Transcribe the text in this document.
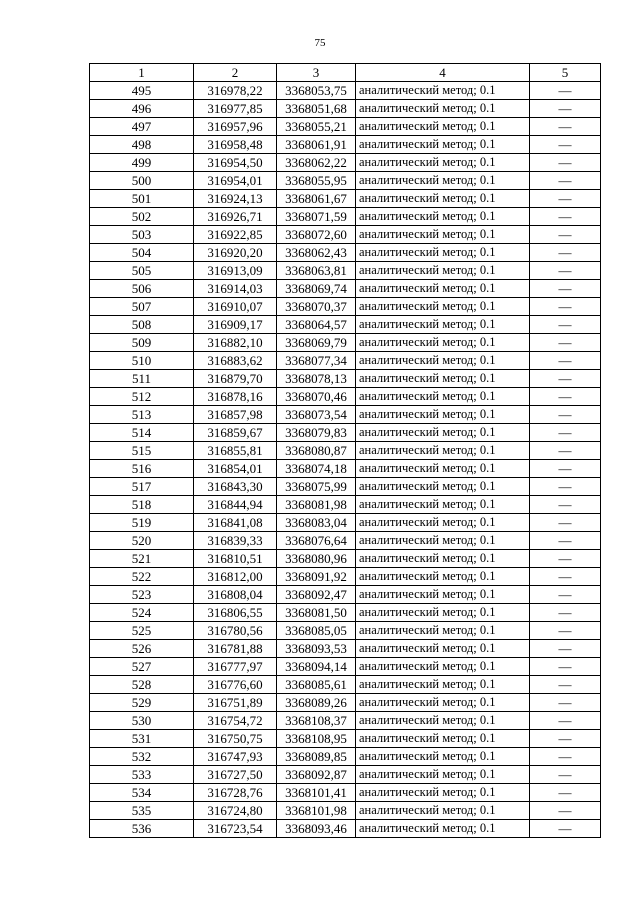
75
1	2	3	4	5
495	316978,22	3368053,75	аналитический метод; 0.1	—
496	316977,85	3368051,68	аналитический метод; 0.1	—
497	316957,96	3368055,21	аналитический метод; 0.1	—
498	316958,48	3368061,91	аналитический метод; 0.1	—
499	316954,50	3368062,22	аналитический метод; 0.1	—
500	316954,01	3368055,95	аналитический метод; 0.1	—
501	316924,13	3368061,67	аналитический метод; 0.1	—
502	316926,71	3368071,59	аналитический метод; 0.1	—
503	316922,85	3368072,60	аналитический метод; 0.1	—
504	316920,20	3368062,43	аналитический метод; 0.1	—
505	316913,09	3368063,81	аналитический метод; 0.1	—
506	316914,03	3368069,74	аналитический метод; 0.1	—
507	316910,07	3368070,37	аналитический метод; 0.1	—
508	316909,17	3368064,57	аналитический метод; 0.1	—
509	316882,10	3368069,79	аналитический метод; 0.1	—
510	316883,62	3368077,34	аналитический метод; 0.1	—
511	316879,70	3368078,13	аналитический метод; 0.1	—
512	316878,16	3368070,46	аналитический метод; 0.1	—
513	316857,98	3368073,54	аналитический метод; 0.1	—
514	316859,67	3368079,83	аналитический метод; 0.1	—
515	316855,81	3368080,87	аналитический метод; 0.1	—
516	316854,01	3368074,18	аналитический метод; 0.1	—
517	316843,30	3368075,99	аналитический метод; 0.1	—
518	316844,94	3368081,98	аналитический метод; 0.1	—
519	316841,08	3368083,04	аналитический метод; 0.1	—
520	316839,33	3368076,64	аналитический метод; 0.1	—
521	316810,51	3368080,96	аналитический метод; 0.1	—
522	316812,00	3368091,92	аналитический метод; 0.1	—
523	316808,04	3368092,47	аналитический метод; 0.1	—
524	316806,55	3368081,50	аналитический метод; 0.1	—
525	316780,56	3368085,05	аналитический метод; 0.1	—
526	316781,88	3368093,53	аналитический метод; 0.1	—
527	316777,97	3368094,14	аналитический метод; 0.1	—
528	316776,60	3368085,61	аналитический метод; 0.1	—
529	316751,89	3368089,26	аналитический метод; 0.1	—
530	316754,72	3368108,37	аналитический метод; 0.1	—
531	316750,75	3368108,95	аналитический метод; 0.1	—
532	316747,93	3368089,85	аналитический метод; 0.1	—
533	316727,50	3368092,87	аналитический метод; 0.1	—
534	316728,76	3368101,41	аналитический метод; 0.1	—
535	316724,80	3368101,98	аналитический метод; 0.1	—
536	316723,54	3368093,46	аналитический метод; 0.1	—
